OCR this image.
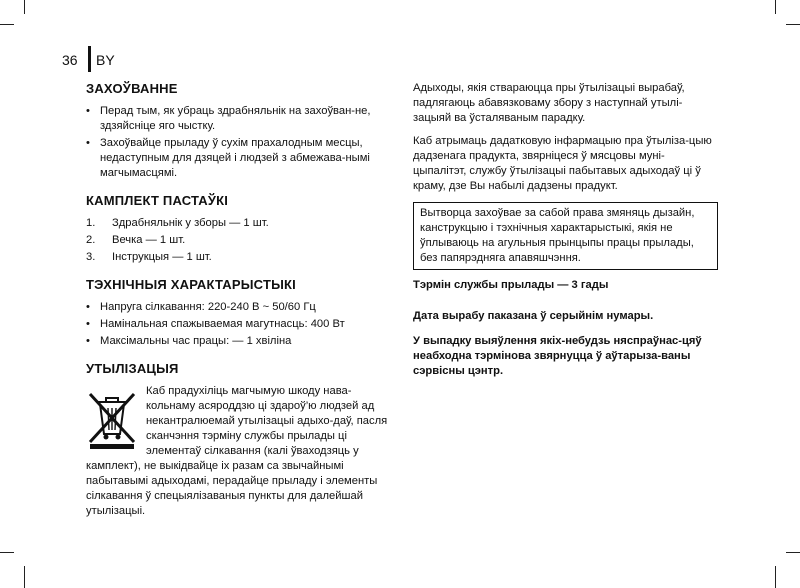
36 BY
ЗАХОЎВАННЕ
• Перад тым, як убраць здрабняльнік на захоўван-не, здзяйсніце яго чыстку.
• Захоўвайце прыладу ў сухім прахалодным месцы, недаступным для дзяцей і людзей з абмежава-нымі магчымасцямі.
КАМПЛЕКТ ПАСТАЎКІ
1. Здрабняльнік у зборы — 1 шт.
2. Вечка — 1 шт.
3. Інструкцыя — 1 шт.
ТЭХНІЧНЫЯ ХАРАКТАРЫСТЫКІ
• Напруга сілкавання: 220-240 В ~ 50/60 Гц
• Намінальная спажываемая магутнасць: 400 Вт
• Максімальны час працы: — 1 хвіліна
УТЫЛІЗАЦЫЯ
Каб прадухіліць магчымую шкоду нава-кольнаму асяроддзю ці здароў’ю людзей ад некантралюемай утылізацыі адыхо-даў, пасля сканчэння тэрміну службы прылады ці элементаў сілкавання (калі ўваходзяць у камплект), не выкідвайце іх разам са звычайнымі пабытавымі адыходамі, перадайце прыладу і элементы сілкавання ў спецыялізаваныя пункты для далейшай утылізацыі.

Адыходы, якія ствараюцца пры ўтылізацыі вырабаў, падлягаюць абавязковаму збору з наступнай утылі-зацыяй ва ўсталяваным парадку.

Каб атрымаць дадатковую інфармацыю пра ўтылiза-цыю дадзенага прадукта, звярніцеся ў мясцовы муні-цыпалітэт, службу ўтылізацыі пабытавых адыходаў ці ў краму, дзе Вы набылі дадзены прадукт.

Вытворца захоўвае за сабой права змяняць дызайн, канструкцыю і тэхнічныя характарыстыкі, якія не ўплываюць на агульныя прынцыпы працы прылады, без папярэдняга апавяшчэння.
Тэрмін службы прылады — 3 гады
Дата вырабу паказана ў серыйнім нумары.
У выпадку выяўлення якіх-небудзь няспраўнас-цяў неабходна тэрмінова звярнуцца ў аўтарыза-ваны сэрвісны цэнтр.
